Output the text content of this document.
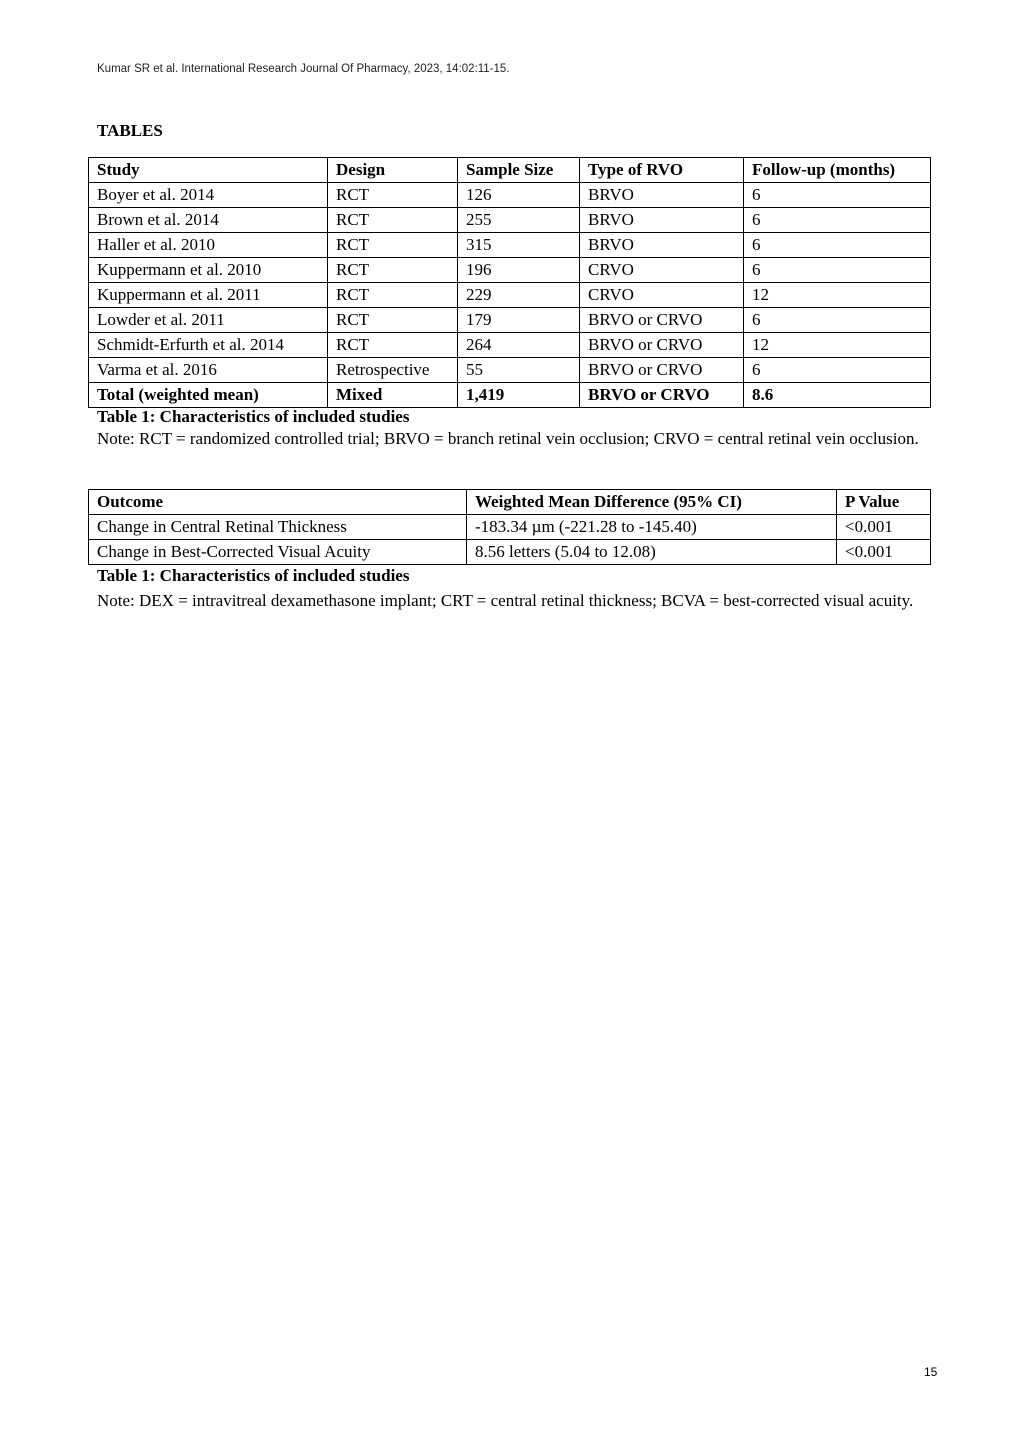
Kumar SR et al. International Research Journal Of Pharmacy, 2023, 14:02:11-15.
TABLES
Study	Design	Sample Size	Type of RVO	Follow-up (months)
Boyer et al. 2014	RCT	126	BRVO	6
Brown et al. 2014	RCT	255	BRVO	6
Haller et al. 2010	RCT	315	BRVO	6
Kuppermann et al. 2010	RCT	196	CRVO	6
Kuppermann et al. 2011	RCT	229	CRVO	12
Lowder et al. 2011	RCT	179	BRVO or CRVO	6
Schmidt-Erfurth et al. 2014	RCT	264	BRVO or CRVO	12
Varma et al. 2016	Retrospective	55	BRVO or CRVO	6
Total (weighted mean)	Mixed	1,419	BRVO or CRVO	8.6
Table 1: Characteristics of included studies
Note: RCT = randomized controlled trial; BRVO = branch retinal vein occlusion; CRVO = central retinal vein occlusion.
Outcome	Weighted Mean Difference (95% CI)	P Value
Change in Central Retinal Thickness	-183.34 µm (-221.28 to -145.40)	<0.001
Change in Best-Corrected Visual Acuity	8.56 letters (5.04 to 12.08)	<0.001
Table 1: Characteristics of included studies
Note: DEX = intravitreal dexamethasone implant; CRT = central retinal thickness; BCVA = best-corrected visual acuity.
15
